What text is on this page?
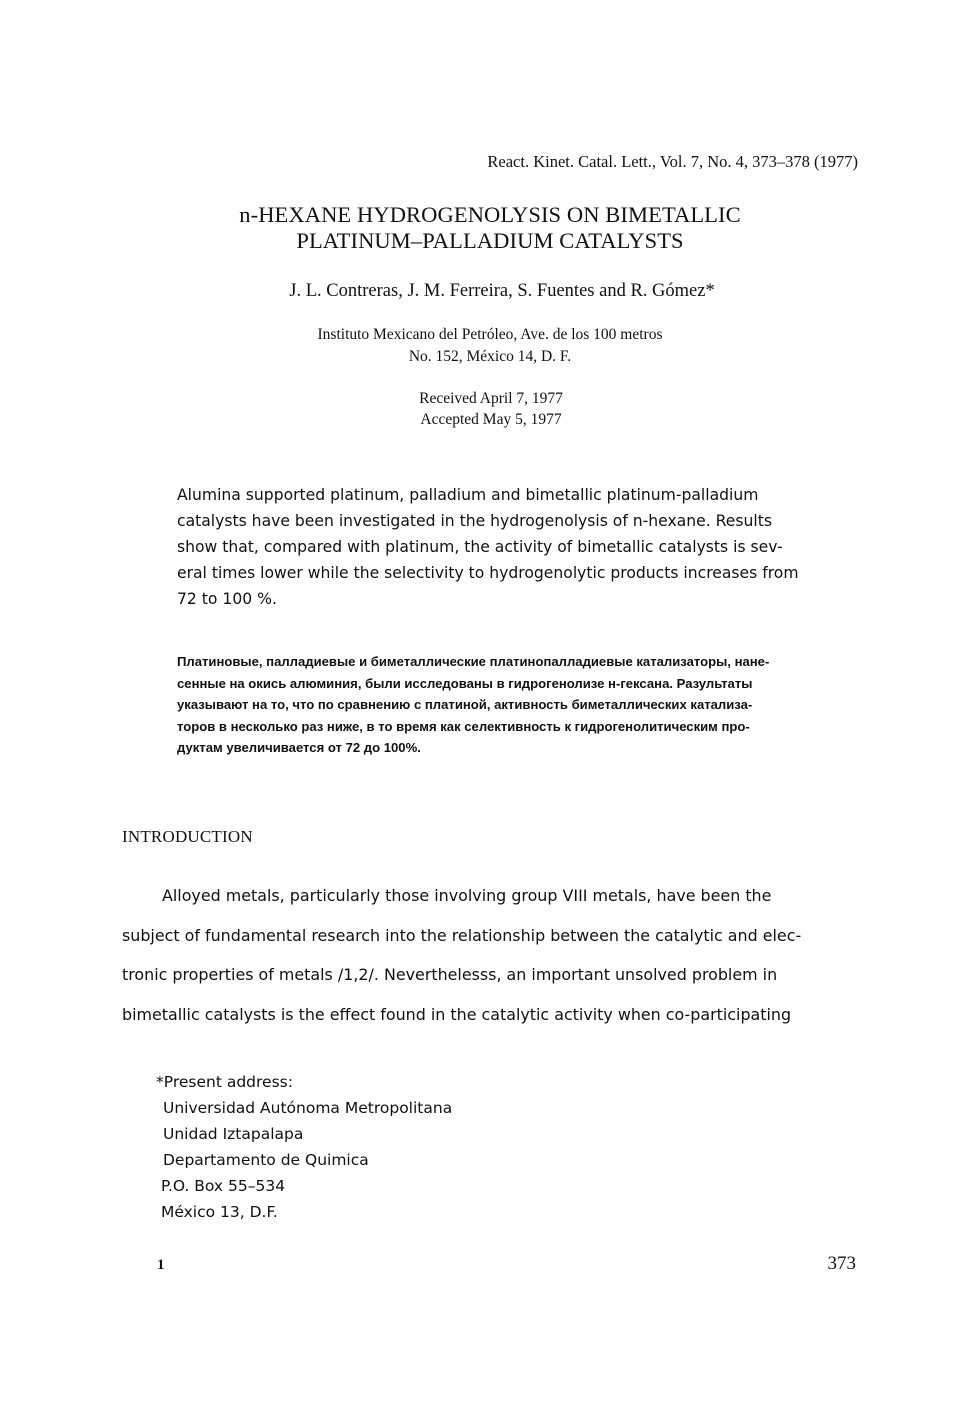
React. Kinet. Catal. Lett., Vol. 7, No. 4, 373–378 (1977)
n-HEXANE HYDROGENOLYSIS ON BIMETALLIC
PLATINUM–PALLADIUM CATALYSTS
J. L. Contreras, J. M. Ferreira, S. Fuentes and R. Gómez*
Instituto Mexicano del Petróleo, Ave. de los 100 metros
No. 152, México 14, D. F.
Received April 7, 1977
Accepted May 5, 1977
Alumina supported platinum, palladium and bimetallic platinum-palladium
catalysts have been investigated in the hydrogenolysis of n-hexane. Results
show that, compared with platinum, the activity of bimetallic catalysts is sev-
eral times lower while the selectivity to hydrogenolytic products increases from
72 to 100 %.
Платиновые, палладиевые и биметаллические платинопалладиевые катализаторы, нане-
сенные на окись алюминия, были исследованы в гидрогенолизе н-гексана. Разультаты
указывают на то, что по сравнению с платиной, активность биметаллических катализа-
торов в несколько раз ниже, в то время как селективность к гидрогенолитическим про-
дуктам увеличивается от 72 до 100%.
INTRODUCTION
Alloyed metals, particularly those involving group VIII metals, have been the
subject of fundamental research into the relationship between the catalytic and elec-
tronic properties of metals /1,2/. Neverthelesss, an important unsolved problem in
bimetallic catalysts is the effect found in the catalytic activity when co-participating
*Present address:
Universidad Autónoma Metropolitana
Unidad Iztapalapa
Departamento de Quimica
P.O. Box 55–534
México 13, D.F.
1	373
